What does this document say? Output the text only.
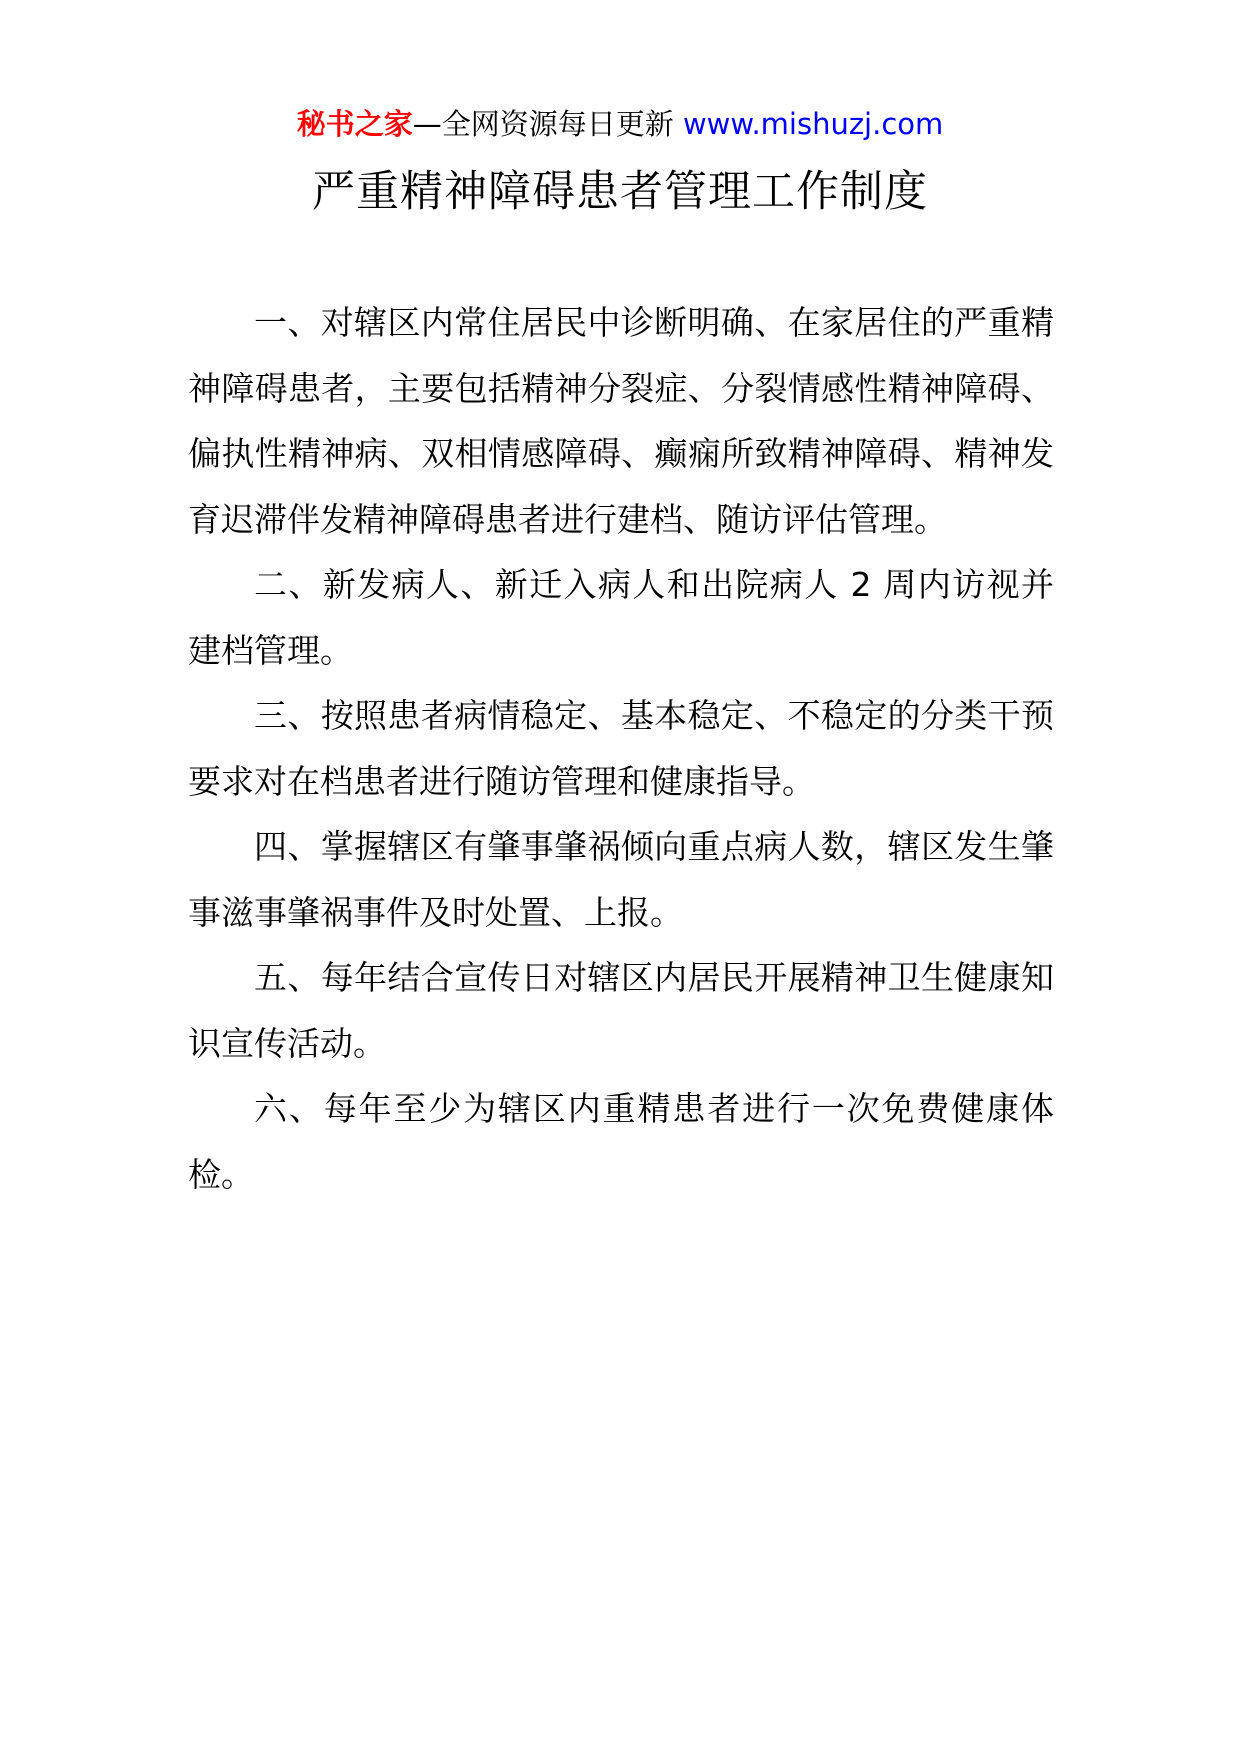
秘书之家—全网资源每日更新 www.mishuzj.com
严重精神障碍患者管理工作制度

一、对辖区内常住居民中诊断明确、在家居住的严重精神障碍患者，主要包括精神分裂症、分裂情感性精神障碍、偏执性精神病、双相情感障碍、癫痫所致精神障碍、精神发育迟滞伴发精神障碍患者进行建档、随访评估管理。

二、新发病人、新迁入病人和出院病人 2 周内访视并建档管理。

三、按照患者病情稳定、基本稳定、不稳定的分类干预要求对在档患者进行随访管理和健康指导。

四、掌握辖区有肇事肇祸倾向重点病人数，辖区发生肇事滋事肇祸事件及时处置、上报。

五、每年结合宣传日对辖区内居民开展精神卫生健康知识宣传活动。

六、每年至少为辖区内重精患者进行一次免费健康体检。
